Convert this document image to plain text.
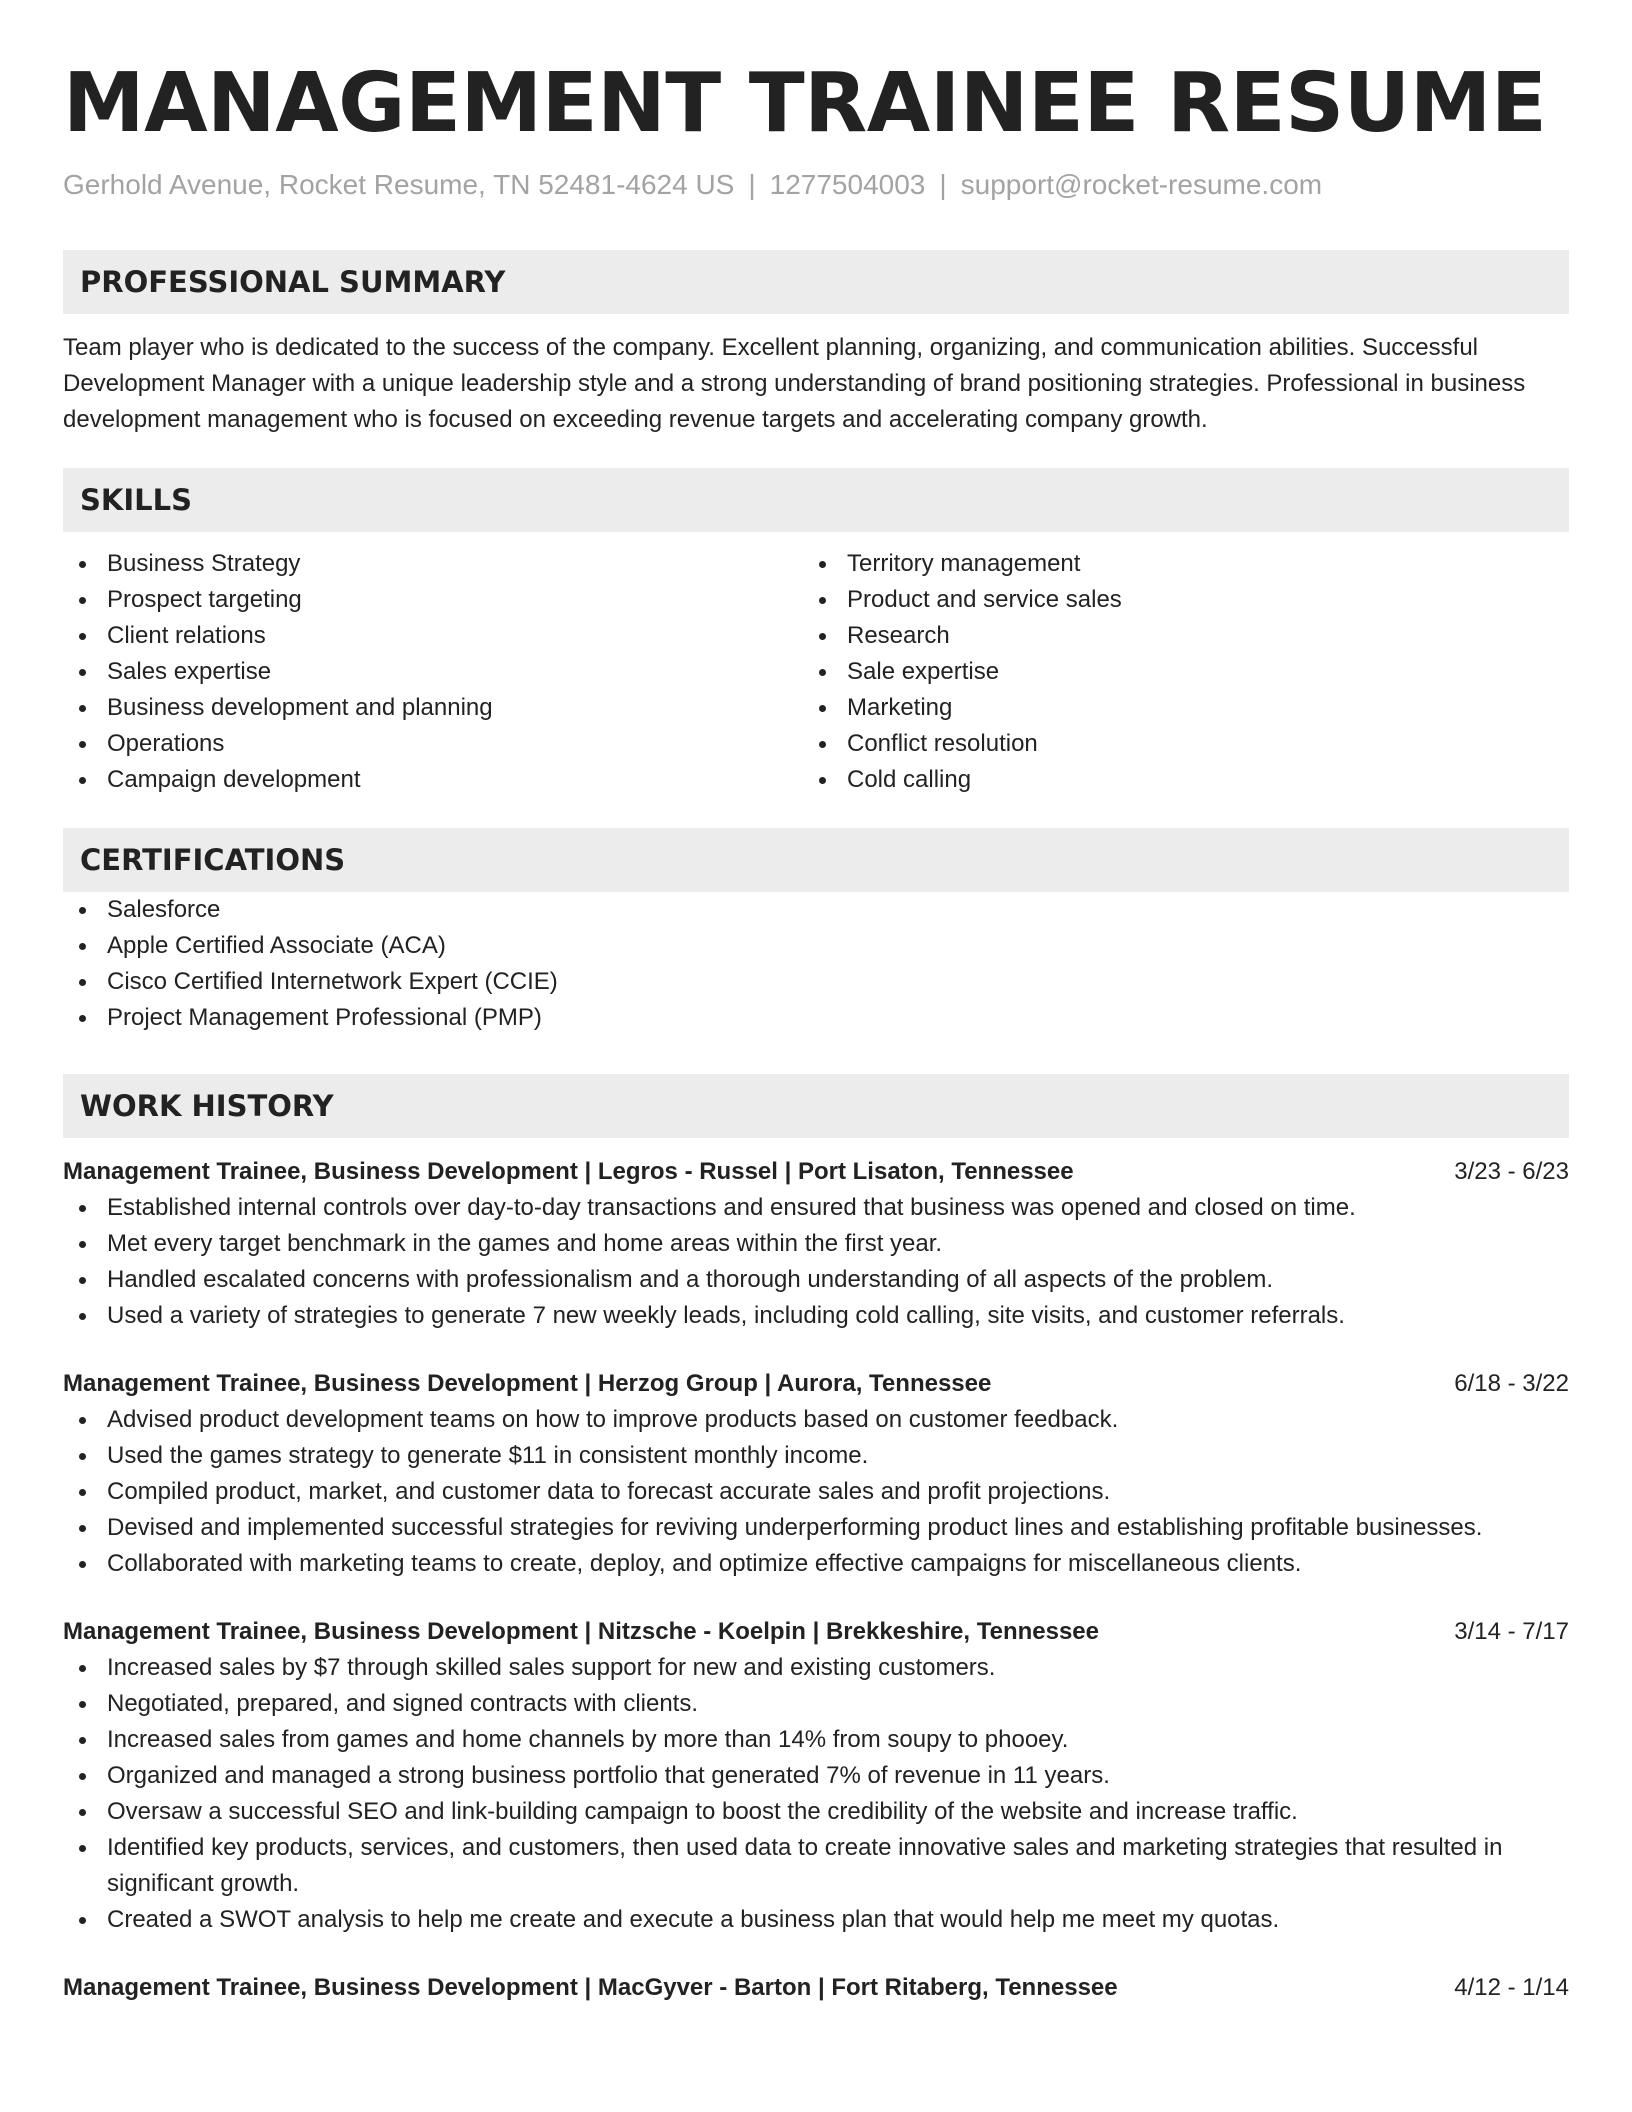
MANAGEMENT TRAINEE RESUME
Gerhold Avenue, Rocket Resume, TN 52481-4624 US | 1277504003 | support@rocket-resume.com
PROFESSIONAL SUMMARY

Team player who is dedicated to the success of the company. Excellent planning, organizing, and communication abilities. Successful Development Manager with a unique leadership style and a strong understanding of brand positioning strategies. Professional in business development management who is focused on exceeding revenue targets and accelerating company growth.

SKILLS
Business Strategy
Prospect targeting
Client relations
Sales expertise
Business development and planning
Operations
Campaign development
Territory management
Product and service sales
Research
Sale expertise
Marketing
Conflict resolution
Cold calling
CERTIFICATIONS
Salesforce
Apple Certified Associate (ACA)
Cisco Certified Internetwork Expert (CCIE)
Project Management Professional (PMP)
WORK HISTORY
Management Trainee, Business Development | Legros - Russel | Port Lisaton, Tennessee	3/23 - 6/23
Established internal controls over day-to-day transactions and ensured that business was opened and closed on time.
Met every target benchmark in the games and home areas within the first year.
Handled escalated concerns with professionalism and a thorough understanding of all aspects of the problem.
Used a variety of strategies to generate 7 new weekly leads, including cold calling, site visits, and customer referrals.
Management Trainee, Business Development | Herzog Group | Aurora, Tennessee	6/18 - 3/22
Advised product development teams on how to improve products based on customer feedback.
Used the games strategy to generate $11 in consistent monthly income.
Compiled product, market, and customer data to forecast accurate sales and profit projections.
Devised and implemented successful strategies for reviving underperforming product lines and establishing profitable businesses.
Collaborated with marketing teams to create, deploy, and optimize effective campaigns for miscellaneous clients.
Management Trainee, Business Development | Nitzsche - Koelpin | Brekkeshire, Tennessee	3/14 - 7/17
Increased sales by $7 through skilled sales support for new and existing customers.
Negotiated, prepared, and signed contracts with clients.
Increased sales from games and home channels by more than 14% from soupy to phooey.
Organized and managed a strong business portfolio that generated 7% of revenue in 11 years.
Oversaw a successful SEO and link-building campaign to boost the credibility of the website and increase traffic.
Identified key products, services, and customers, then used data to create innovative sales and marketing strategies that resulted in significant growth.
Created a SWOT analysis to help me create and execute a business plan that would help me meet my quotas.
Management Trainee, Business Development | MacGyver - Barton | Fort Ritaberg, Tennessee	4/12 - 1/14
